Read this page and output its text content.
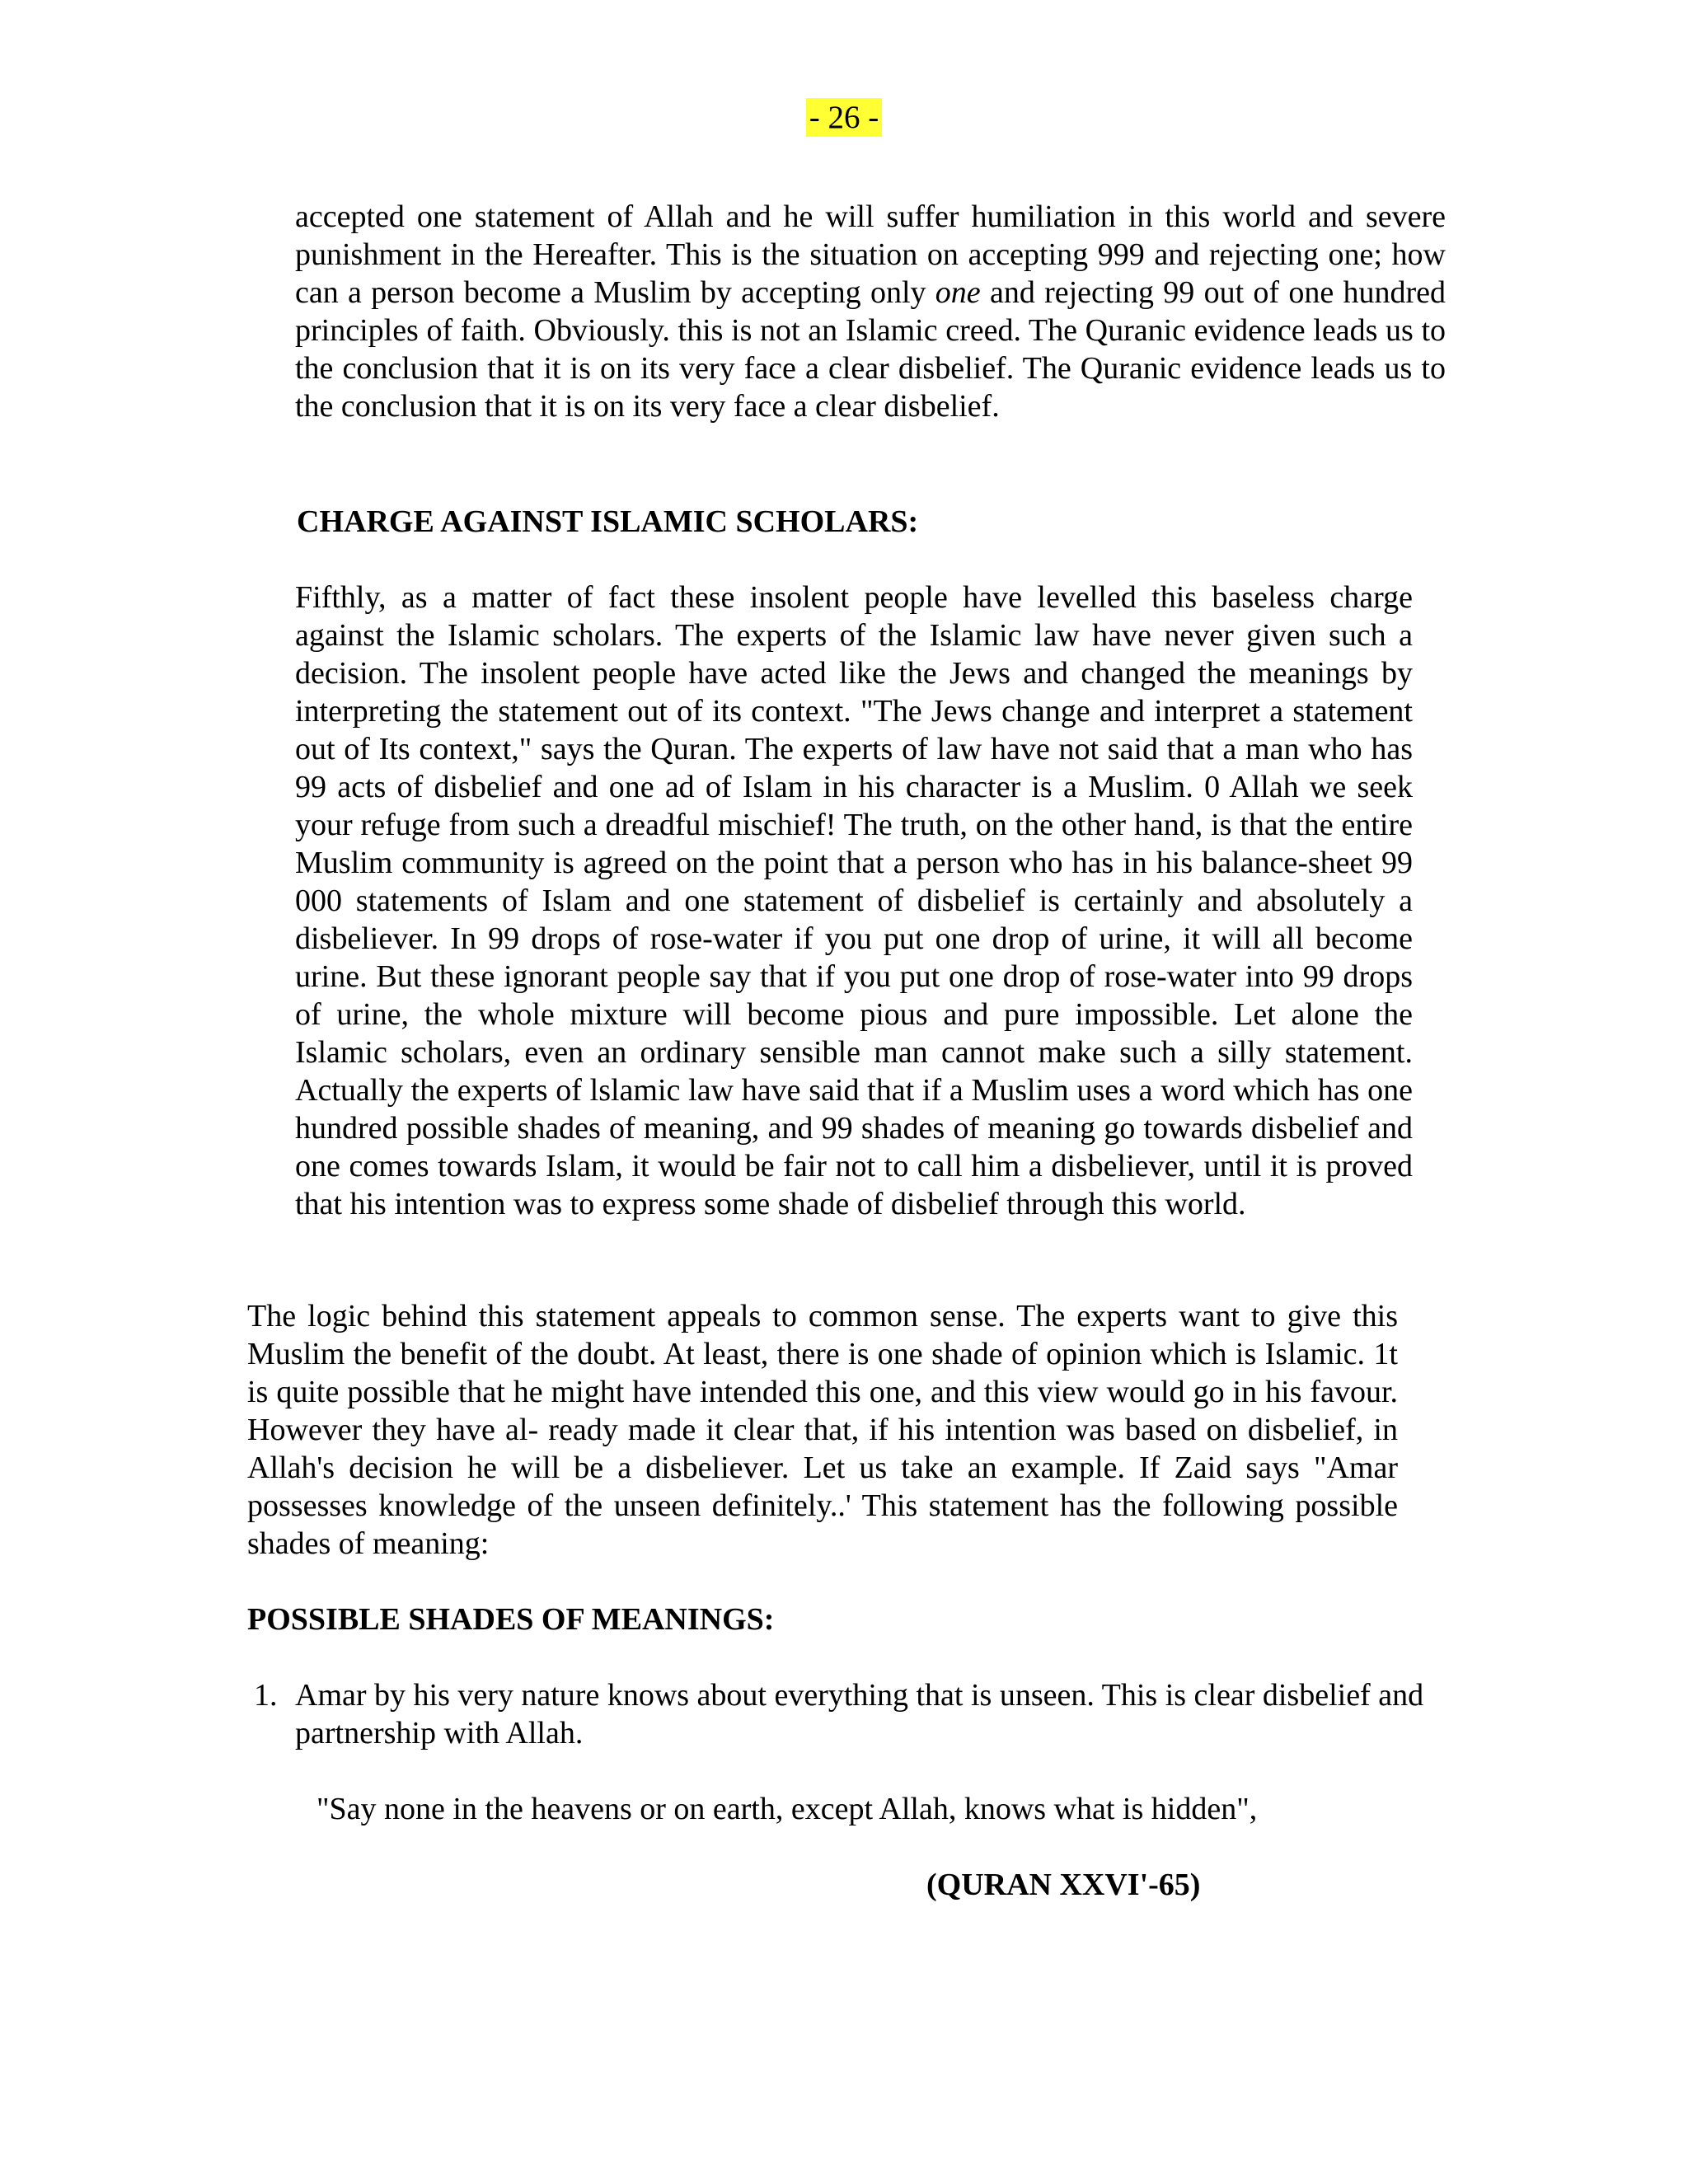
- 26 -

accepted one statement of Allah and he will suffer humiliation in this world and severe punishment in the Hereafter. This is the situation on accepting 999 and rejecting one; how can a person become a Muslim by accepting only one and rejecting 99 out of one hundred principles of faith. Obviously. this is not an Islamic creed. The Quranic evidence leads us to the conclusion that it is on its very face a clear disbelief. The Quranic evidence leads us to the conclusion that it is on its very face a clear disbelief.

CHARGE AGAINST ISLAMIC SCHOLARS:

Fifthly, as a matter of fact these insolent people have levelled this baseless charge against the Islamic scholars. The experts of the Islamic law have never given such a decision. The insolent people have acted like the Jews and changed the meanings by interpreting the statement out of its context. "The Jews change and interpret a statement out of Its context," says the Quran. The experts of law have not said that a man who has 99 acts of disbelief and one ad of Islam in his character is a Muslim. 0 Allah we seek your refuge from such a dreadful mischief! The truth, on the other hand, is that the entire Muslim community is agreed on the point that a person who has in his balance-sheet 99 000 statements of Islam and one statement of disbelief is certainly and absolutely a disbeliever. In 99 drops of rose-water if you put one drop of urine, it will all become urine. But these ignorant people say that if you put one drop of rose-water into 99 drops of urine, the whole mixture will become pious and pure impossible. Let alone the Islamic scholars, even an ordinary sensible man cannot make such a silly statement. Actually the experts of lslamic law have said that if a Muslim uses a word which has one hundred possible shades of meaning, and 99 shades of meaning go towards disbelief and one comes towards Islam, it would be fair not to call him a disbeliever, until it is proved that his intention was to express some shade of disbelief through this world.

The logic behind this statement appeals to common sense. The experts want to give this Muslim the benefit of the doubt. At least, there is one shade of opinion which is Islamic. 1t is quite possible that he might have intended this one, and this view would go in his favour. However they have al- ready made it clear that, if his intention was based on disbelief, in Allah's decision he will be a disbeliever. Let us take an example. If Zaid says "Amar possesses knowledge of the unseen definitely..' This statement has the following possible shades of meaning:

POSSIBLE SHADES OF MEANINGS:

1. Amar by his very nature knows about everything that is unseen. This is clear disbelief and partnership with Allah.

"Say none in the heavens or on earth, except Allah, knows what is hidden",

(QURAN XXVI'-65)
